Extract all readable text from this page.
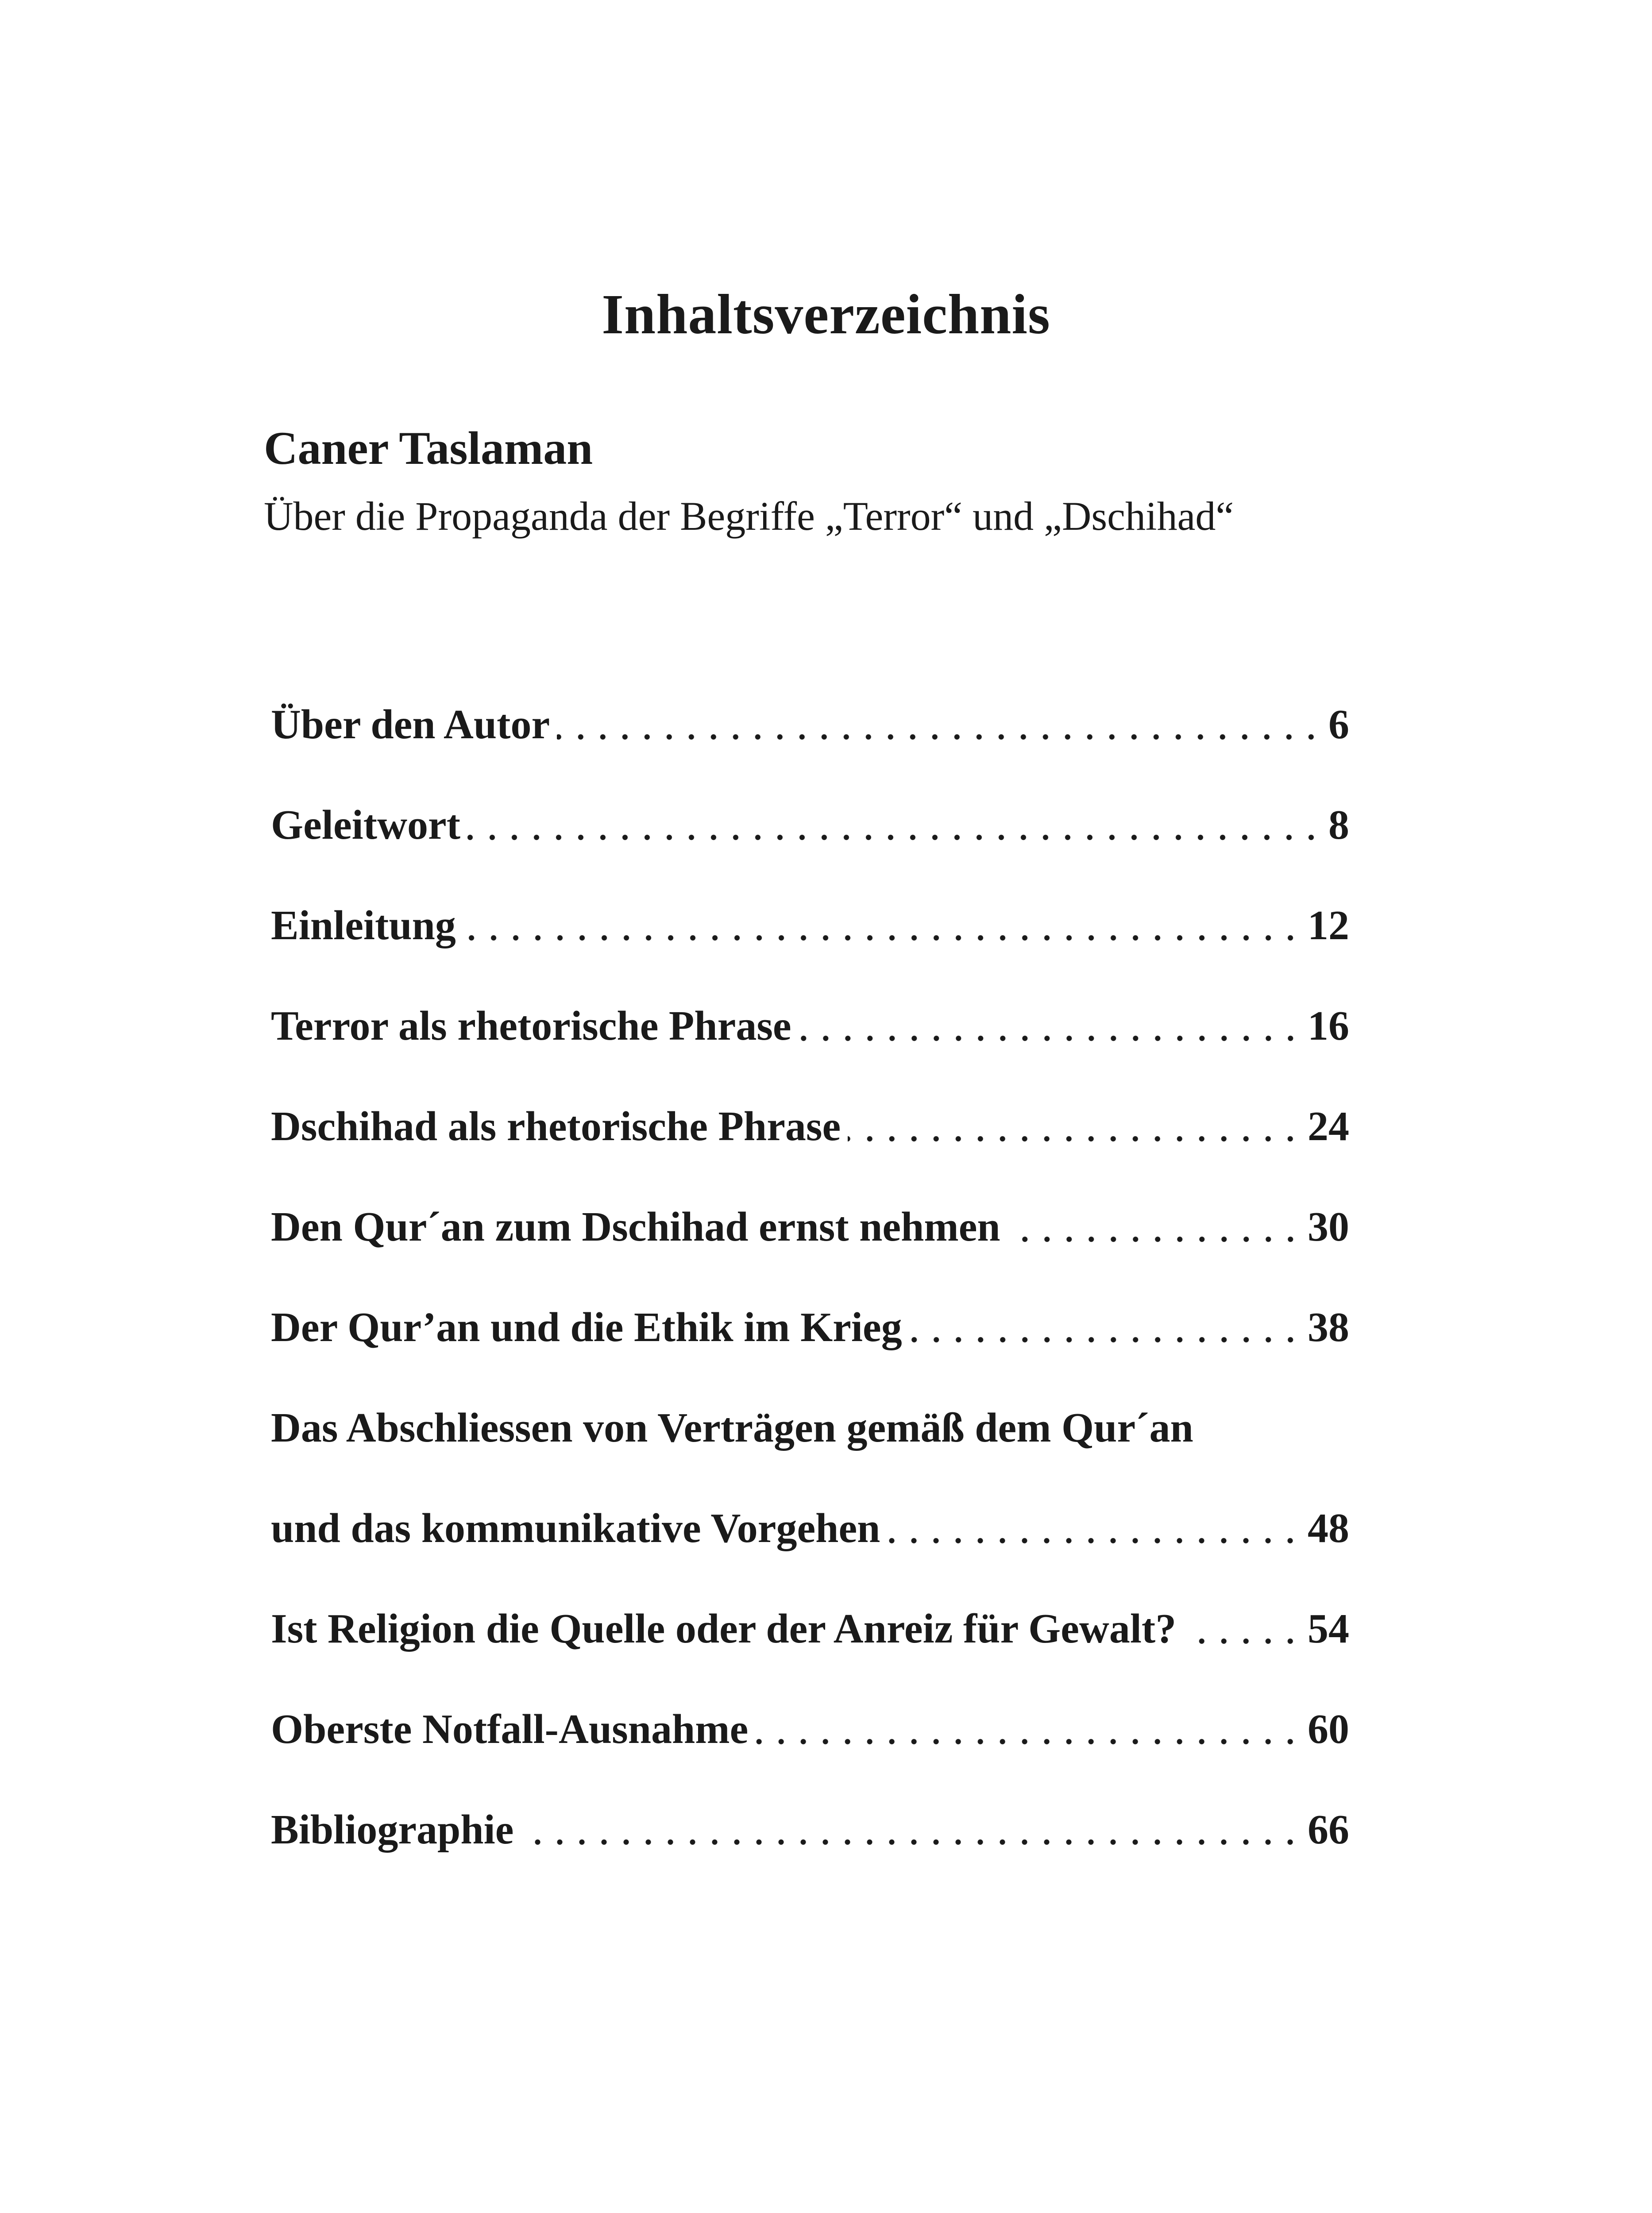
Inhaltsverzeichnis
Caner Taslaman
Über die Propaganda der Begriffe „Terror“ und „Dschihad“
Über den Autor	6
Geleitwort	8
Einleitung	12
Terror als rhetorische Phrase	16
Dschihad als rhetorische Phrase	24
Den Qur´an zum Dschihad ernst nehmen	30
Der Qur’an und die Ethik im Krieg	38
Das Abschliessen von Verträgen gemäß dem Qur´an
und das kommunikative Vorgehen	48
Ist Religion die Quelle oder der Anreiz für Gewalt?	54
Oberste Notfall-Ausnahme	60
Bibliographie	66
